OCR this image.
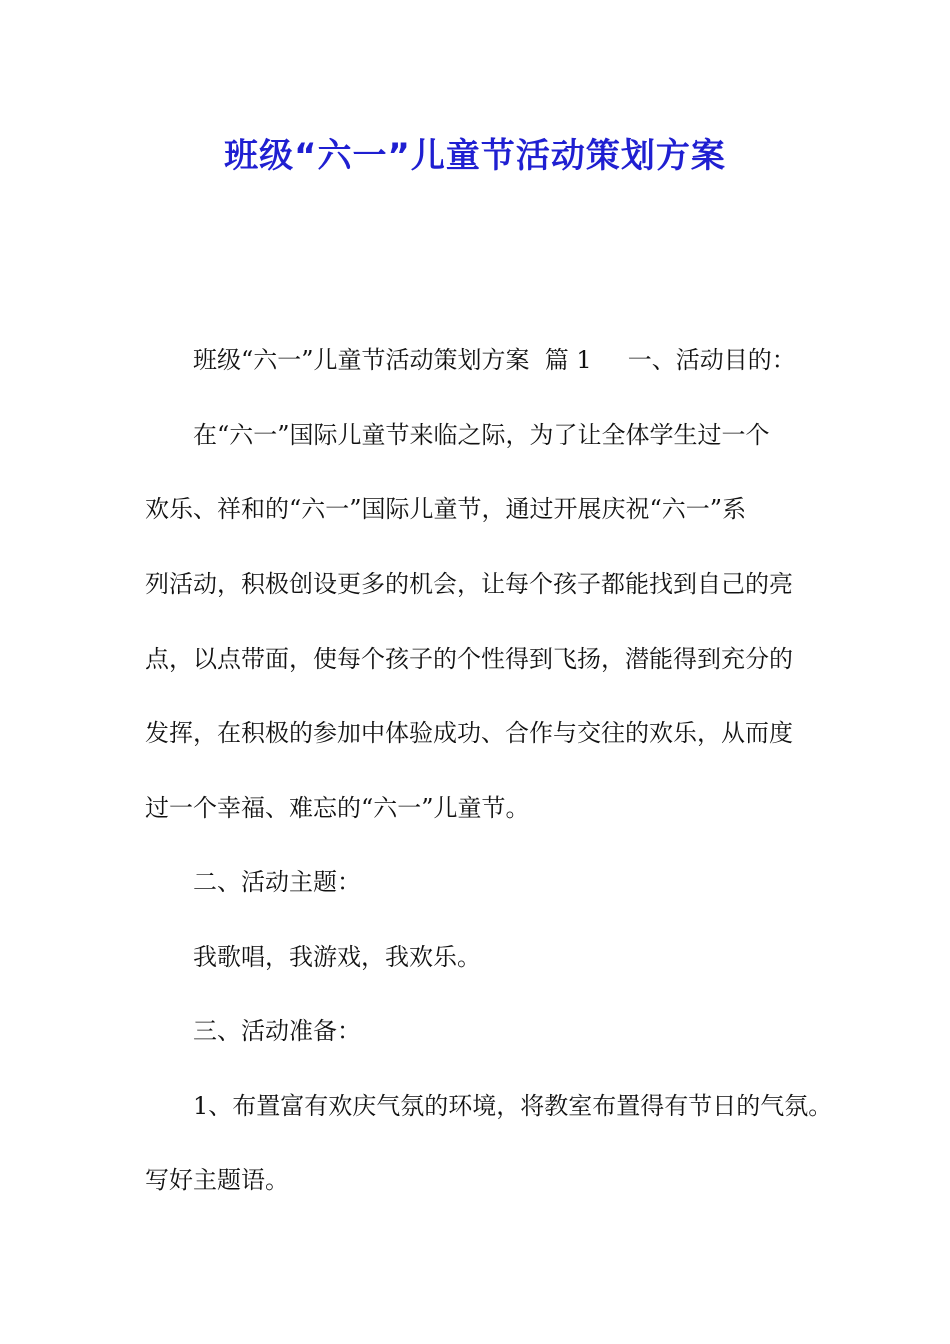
班级“六一”儿童节活动策划方案

班级“六一”儿童节活动策划方案  篇 1 一、活动目的：

在“六一”国际儿童节来临之际，为了让全体学生过一个

欢乐、祥和的“六一”国际儿童节，通过开展庆祝“六一”系

列活动，积极创设更多的机会，让每个孩子都能找到自己的亮

点，以点带面，使每个孩子的个性得到飞扬，潜能得到充分的

发挥，在积极的参加中体验成功、合作与交往的欢乐，从而度

过一个幸福、难忘的“六一”儿童节。

二、活动主题：

我歌唱，我游戏，我欢乐。

三、活动准备：

1、布置富有欢庆气氛的环境，将教室布置得有节日的气氛。

写好主题语。
